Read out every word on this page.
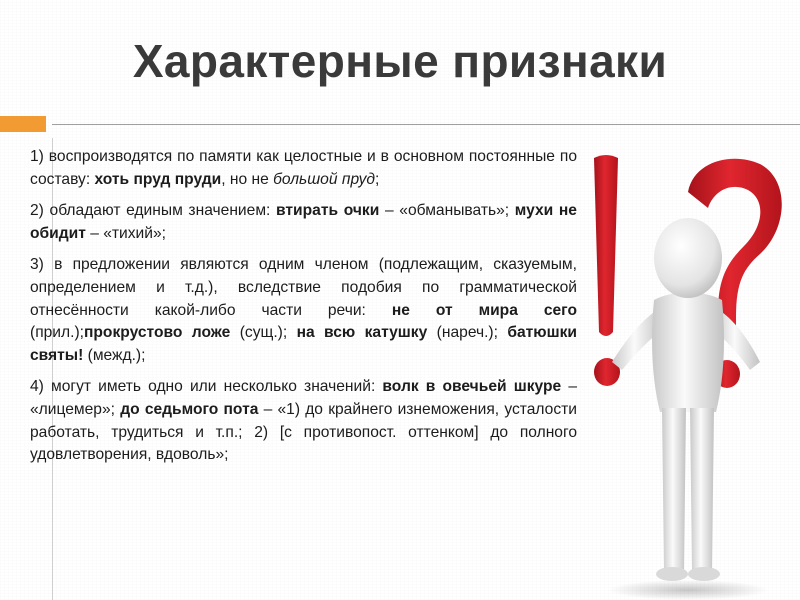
Характерные признаки

1) воспроизводятся по памяти как целостные и в основном постоянные по составу: хоть пруд пруди, но не большой пруд;

2) обладают единым значением: втирать очки – «обманывать»; мухи не обидит – «тихий»;

3) в предложении являются одним членом (подлежащим, сказуемым, определением и т.д.), вследствие подобия по грамматической отнесённости какой-либо части речи: не от мира сего (прил.);прокрустово ложе (сущ.); на всю катушку (нареч.); батюшки святы! (межд.);

4) могут иметь одно или несколько значений: волк в овечьей шкуре – «лицемер»; до седьмого пота – «1) до крайнего изнеможения, усталости работать, трудиться и т.п.; 2) [с противопост. оттенком] до полного удовлетворения, вдоволь»;
